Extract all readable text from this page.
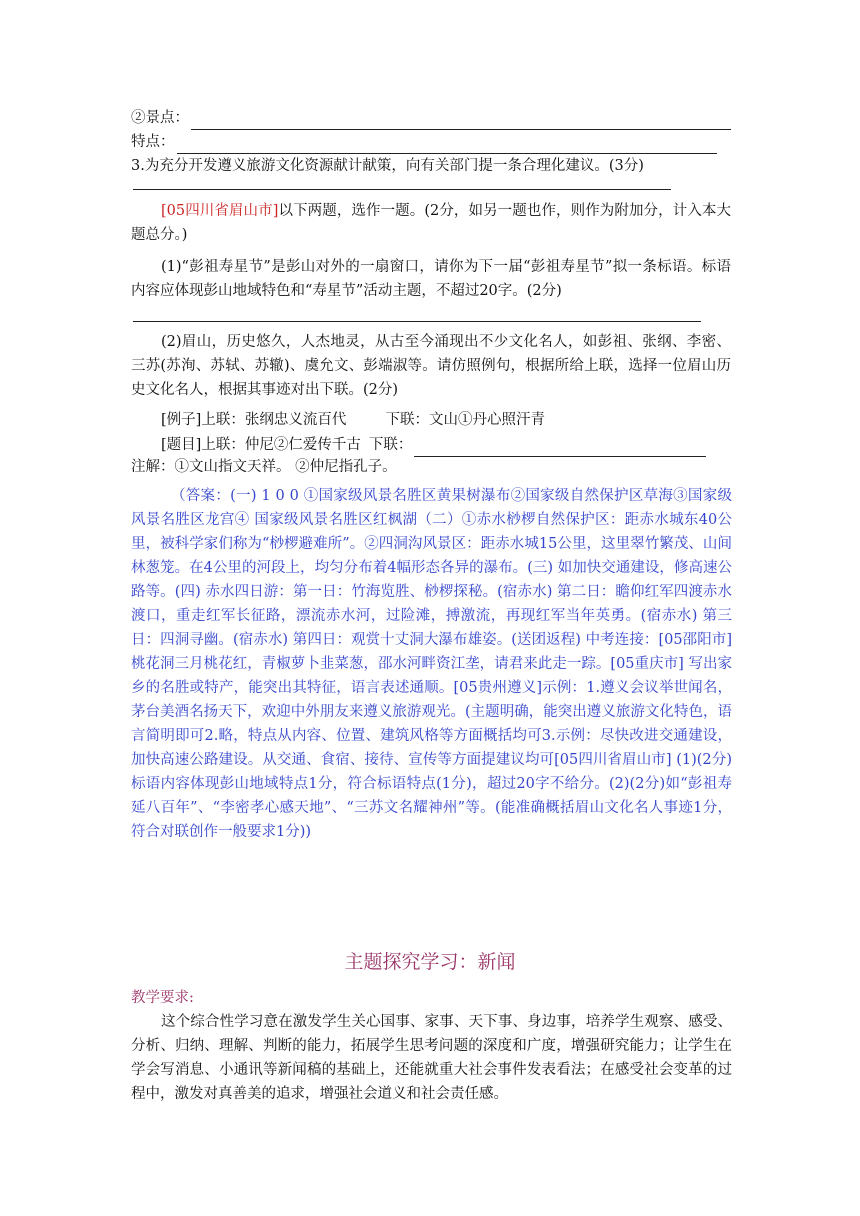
②景点：
特点：
3.为充分开发遵义旅游文化资源献计献策，向有关部门提一条合理化建议。(3分)
[05四川省眉山市]以下两题，选作一题。(2分，如另一题也作，则作为附加分，计入本大题总分。)
(1)“彭祖寿星节”是彭山对外的一扇窗口，请你为下一届“彭祖寿星节”拟一条标语。标语内容应体现彭山地域特色和“寿星节”活动主题，不超过20字。(2分)
(2)眉山，历史悠久，人杰地灵，从古至今涌现出不少文化名人，如彭祖、张纲、李密、三苏(苏洵、苏轼、苏辙)、虞允文、彭端淑等。请仿照例句，根据所给上联，选择一位眉山历史文化名人，根据其事迹对出下联。(2分)
[例子]上联：张纲忠义流百代	下联：文山①丹心照汗青
[题目]上联：仲尼②仁爱传千古 下联：
注解：①文山指文天祥。 ②仲尼指孔子。
（答案：(一) 1 0 0 ①国家级风景名胜区黄果树瀑布②国家级自然保护区草海③国家级风景名胜区龙宫④ 国家级风景名胜区红枫湖（二）①赤水桫椤自然保护区：距赤水城东40公里，被科学家们称为“桫椤避难所”。②四洞沟风景区：距赤水城15公里，这里翠竹繁茂、山间林葱笼。在4公里的河段上，均匀分布着4幅形态各异的瀑布。(三) 如加快交通建设，修高速公路等。(四) 赤水四日游：第一日：竹海览胜、桫椤探秘。(宿赤水) 第二日：瞻仰红军四渡赤水渡口，重走红军长征路，漂流赤水河，过险滩，搏激流，再现红军当年英勇。(宿赤水) 第三日：四洞寻幽。(宿赤水) 第四日：观赏十丈洞大瀑布雄姿。(送团返程) 中考连接：[05邵阳市] 桃花洞三月桃花红，青椒萝卜韭菜葱，邵水河畔资江垄，请君来此走一踪。[05重庆市] 写出家乡的名胜或特产，能突出其特征，语言表述通顺。[05贵州遵义]示例：1.遵义会议举世闻名，茅台美酒名扬天下，欢迎中外朋友来遵义旅游观光。(主题明确，能突出遵义旅游文化特色，语言简明即可2.略，特点从内容、位置、建筑风格等方面概括均可3.示例：尽快改进交通建设，加快高速公路建设。从交通、食宿、接待、宣传等方面提建议均可[05四川省眉山市] (1)(2分)标语内容体现彭山地域特点1分，符合标语特点(1分)，超过20字不给分。(2)(2分)如“彭祖寿延八百年”、“李密孝心感天地”、“三苏文名耀神州”等。(能准确概括眉山文化名人事迹1分，符合对联创作一般要求1分))
主题探究学习：新闻
教学要求:
这个综合性学习意在激发学生关心国事、家事、天下事、身边事，培养学生观察、感受、分析、归纳、理解、判断的能力，拓展学生思考问题的深度和广度，增强研究能力；让学生在学会写消息、小通讯等新闻稿的基础上，还能就重大社会事件发表看法；在感受社会变革的过程中，激发对真善美的追求，增强社会道义和社会责任感。
